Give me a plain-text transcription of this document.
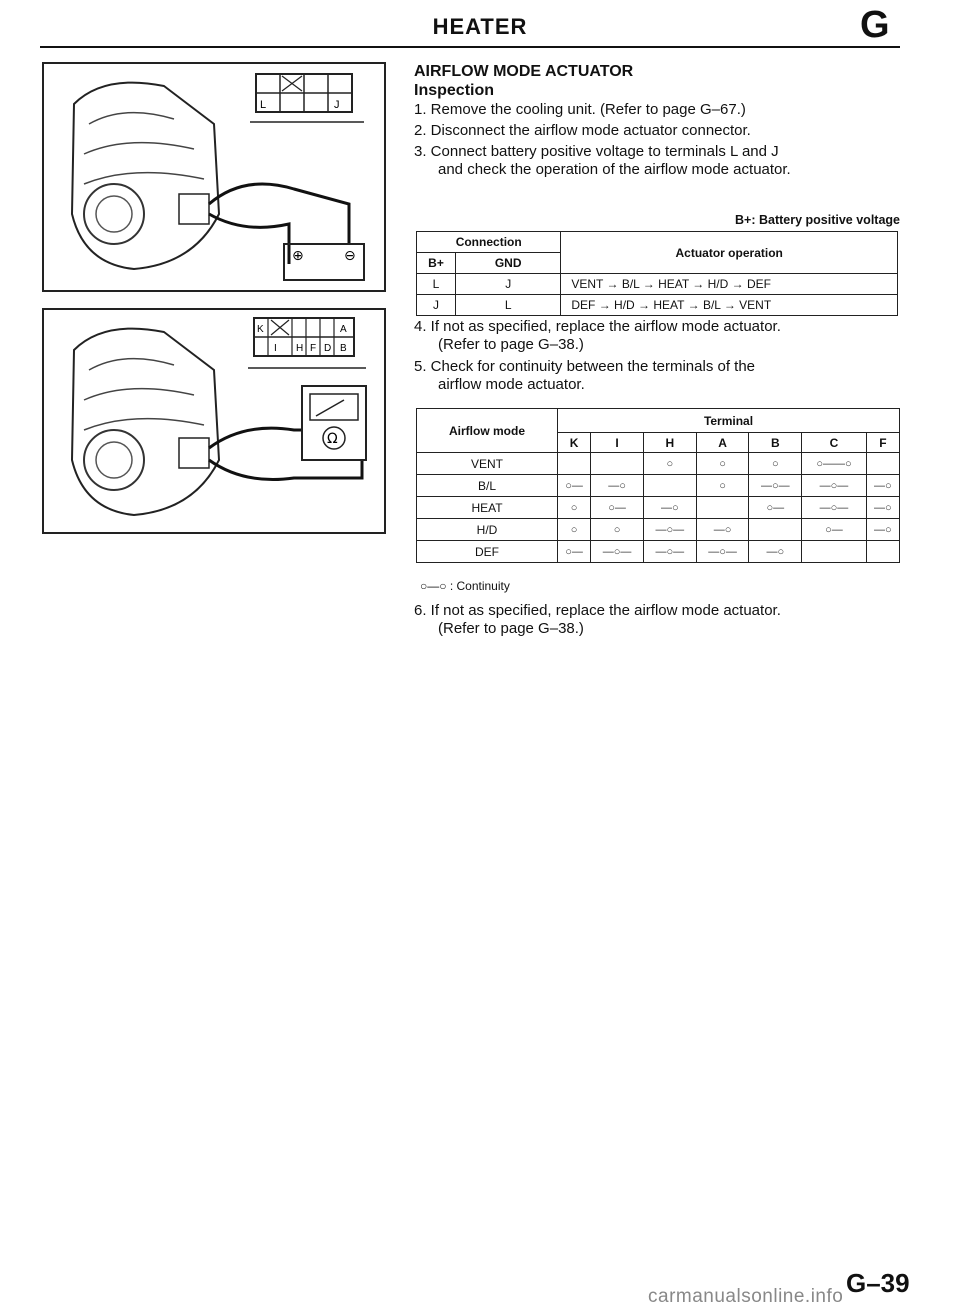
HEATER	G
L	J
⊕	⊖
K	A
I H F D B
Ω
AIRFLOW MODE ACTUATOR
Inspection
1. Remove the cooling unit. (Refer to page G–67.)
2. Disconnect the airflow mode actuator connector.
3. Connect battery positive voltage to terminals L and J
and check the operation of the airflow mode actuator.
B+: Battery positive voltage
Connection		Actuator operation
B+	GND	
L	J	VENT → B/L → HEAT → H/D → DEF
J	L	DEF → H/D → HEAT → B/L → VENT
4. If not as specified, replace the airflow mode actuator.
(Refer to page G–38.)
5. Check for continuity between the terminals of the
airflow mode actuator.
Airflow mode	Terminal						
	K	I	H	A	B	C	F
VENT			○	○	○	○——○	
B/L	○—	—○		○	—○—	—○—	—○
HEAT	○	○—	—○		○—	—○—	—○
H/D	○	○	—○—	—○		○—	—○
DEF	○—	—○—	—○—	—○—	—○		
○—○ : Continuity
6. If not as specified, replace the airflow mode actuator.
(Refer to page G–38.)
G–39
carmanualsonline.info
